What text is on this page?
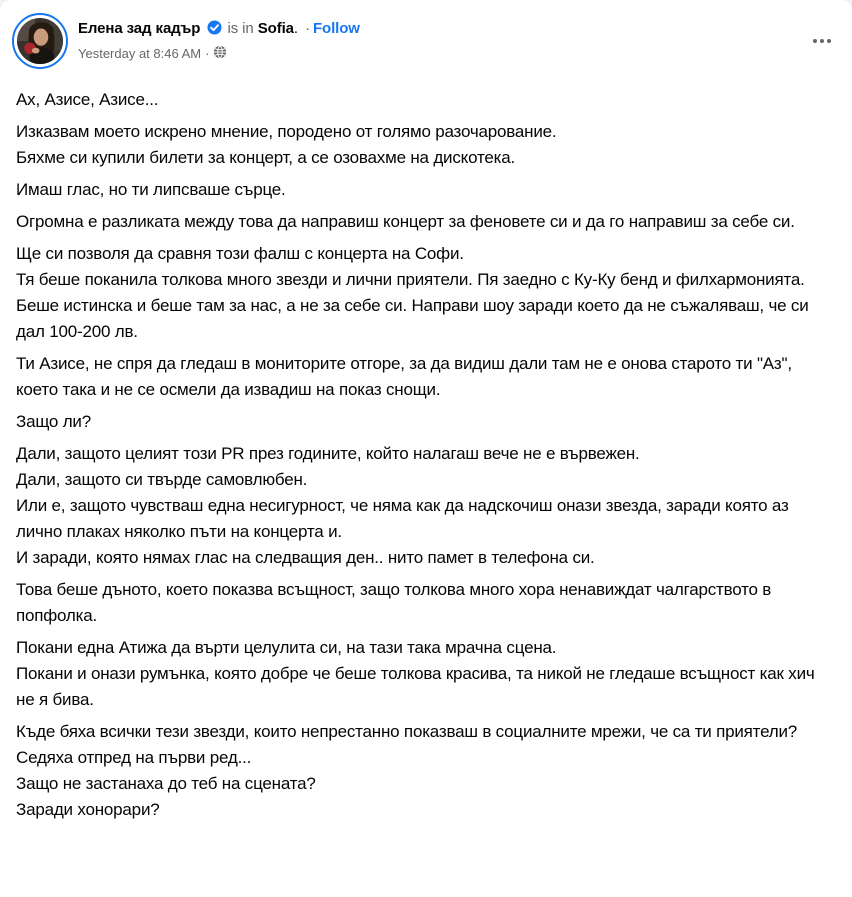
Елена зад кадър is in Sofia. · Follow
Yesterday at 8:46 AM ·
Ах, Азисе, Азисе...
Изказвам моето искрено мнение, породено от голямо разочарование.
Бяхме си купили билети за концерт, а се озовахме на дискотека.
Имаш глас, но ти липсваше сърце.
Огромна е разликата между това да направиш концерт за феновете си и да го направиш за себе си.
Ще си позволя да сравня този фалш с концерта на Софи.
Тя беше поканила толкова много звезди и лични приятели. Пя заедно с Ку-Ку бенд и филхармонията.
Беше истинска и беше там за нас, а не за себе си. Направи шоу заради което да не съжаляваш, че си дал 100-200 лв.
Ти Азисе, не спря да гледаш в мониторите отгоре, за да видиш дали там не е онова старото ти "Аз", което така и не се осмели да извадиш на показ снощи.
Защо ли?
Дали, защото целият този PR през годините, който налагаш вече не е вървежен.
Дали, защото си твърде самовлюбен.
Или е, защото чувстваш една несигурност, че няма как да надскочиш онази звезда, заради която аз лично плаках няколко пъти на концерта и.
И заради, която нямах глас на следващия ден.. нито памет в телефона си.
Това беше дъното, което показва всъщност, защо толкова много хора ненавиждат чалгарството в попфолка.
Покани една Атижа да върти целулита си, на тази така мрачна сцена.
Покани и онази румънка, която добре че беше толкова красива, та никой не гледаше всъщност как хич не я бива.
Къде бяха всички тези звезди, които непрестанно показваш в социалните мрежи, че са ти приятели?
Седяха отпред на първи ред...
Защо не застанаха до теб на сцената?
Заради хонорари?
